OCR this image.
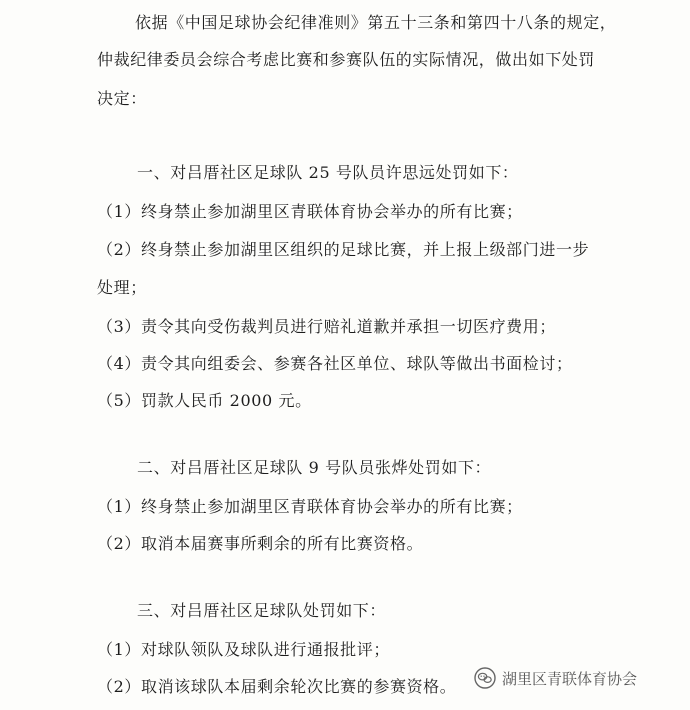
依据《中国足球协会纪律准则》第五十三条和第四十八条的规定，
仲裁纪律委员会综合考虑比赛和参赛队伍的实际情况，做出如下处罚
决定：
一、对吕厝社区足球队 25 号队员许思远处罚如下：
（1）终身禁止参加湖里区青联体育协会举办的所有比赛；
（2）终身禁止参加湖里区组织的足球比赛，并上报上级部门进一步
处理；
（3）责令其向受伤裁判员进行赔礼道歉并承担一切医疗费用；
（4）责令其向组委会、参赛各社区单位、球队等做出书面检讨；
（5）罚款人民币 2000 元。
二、对吕厝社区足球队 9 号队员张烨处罚如下：
（1）终身禁止参加湖里区青联体育协会举办的所有比赛；
（2）取消本届赛事所剩余的所有比赛资格。
三、对吕厝社区足球队处罚如下：
（1）对球队领队及球队进行通报批评；
（2）取消该球队本届剩余轮次比赛的参赛资格。	湖里区青联体育协会
